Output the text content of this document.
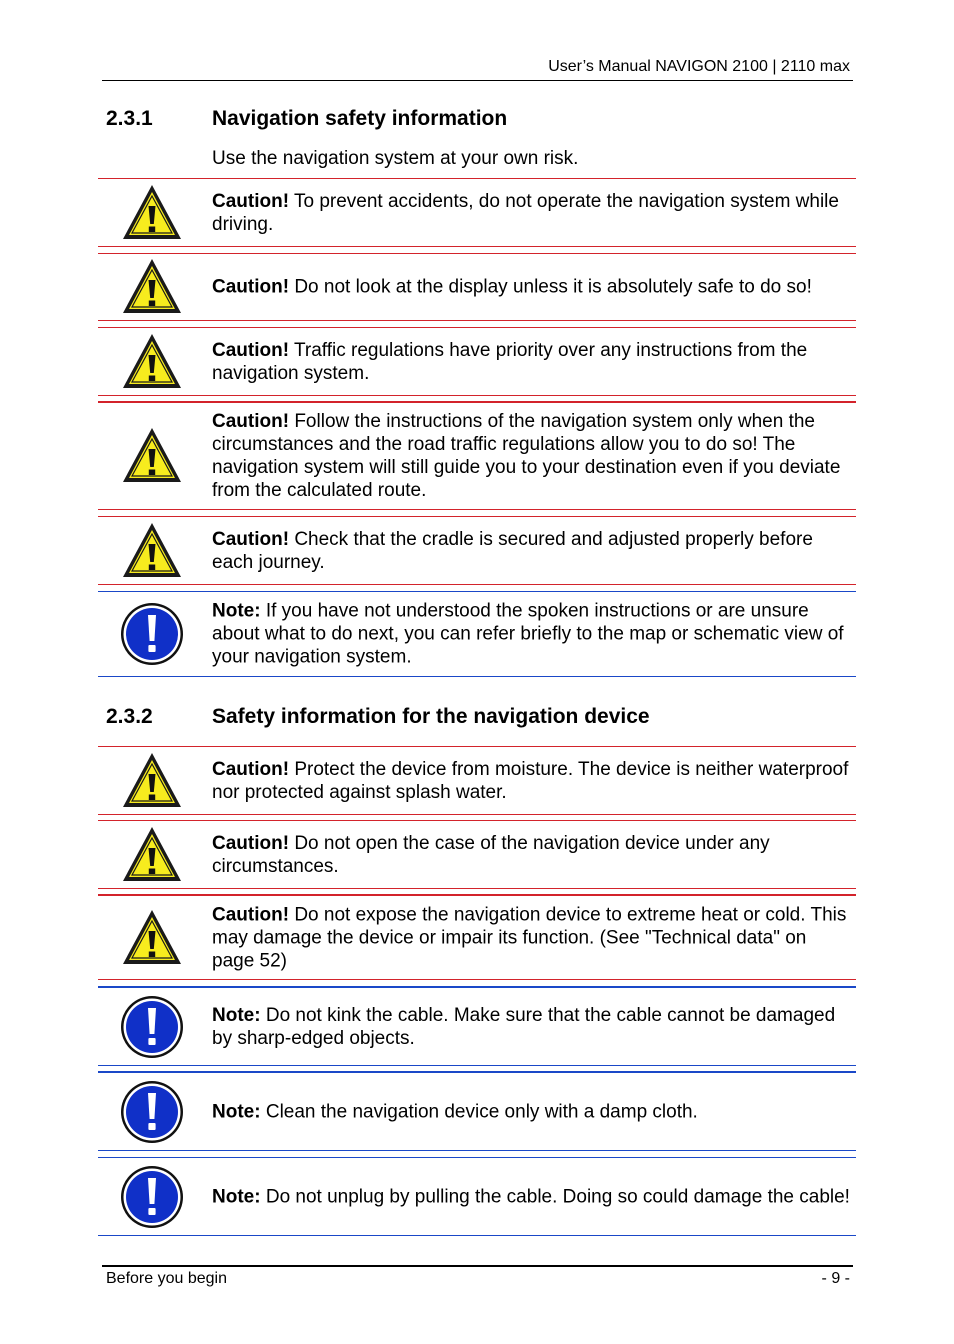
User’s Manual NAVIGON 2100 | 2110 max
2.3.1	Navigation safety information
Use the navigation system at your own risk.
Caution! To prevent accidents, do not operate the navigation system while driving.
Caution! Do not look at the display unless it is absolutely safe to do so!
Caution! Traffic regulations have priority over any instructions from the navigation system.
Caution! Follow the instructions of the navigation system only when the circumstances and the road traffic regulations allow you to do so! The navigation system will still guide you to your destination even if you deviate from the calculated route.
Caution! Check that the cradle is secured and adjusted properly before each journey.
Note: If you have not understood the spoken instructions or are unsure about what to do next, you can refer briefly to the map or schematic view of your navigation system.
2.3.2	Safety information for the navigation device
Caution! Protect the device from moisture. The device is neither waterproof nor protected against splash water.
Caution! Do not open the case of the navigation device under any circumstances.
Caution! Do not expose the navigation device to extreme heat or cold. This may damage the device or impair its function. (See "Technical data" on page 52)
Note: Do not kink the cable. Make sure that the cable cannot be damaged by sharp-edged objects.
Note: Clean the navigation device only with a damp cloth.
Note: Do not unplug by pulling the cable. Doing so could damage the cable!
Before you begin	- 9 -
